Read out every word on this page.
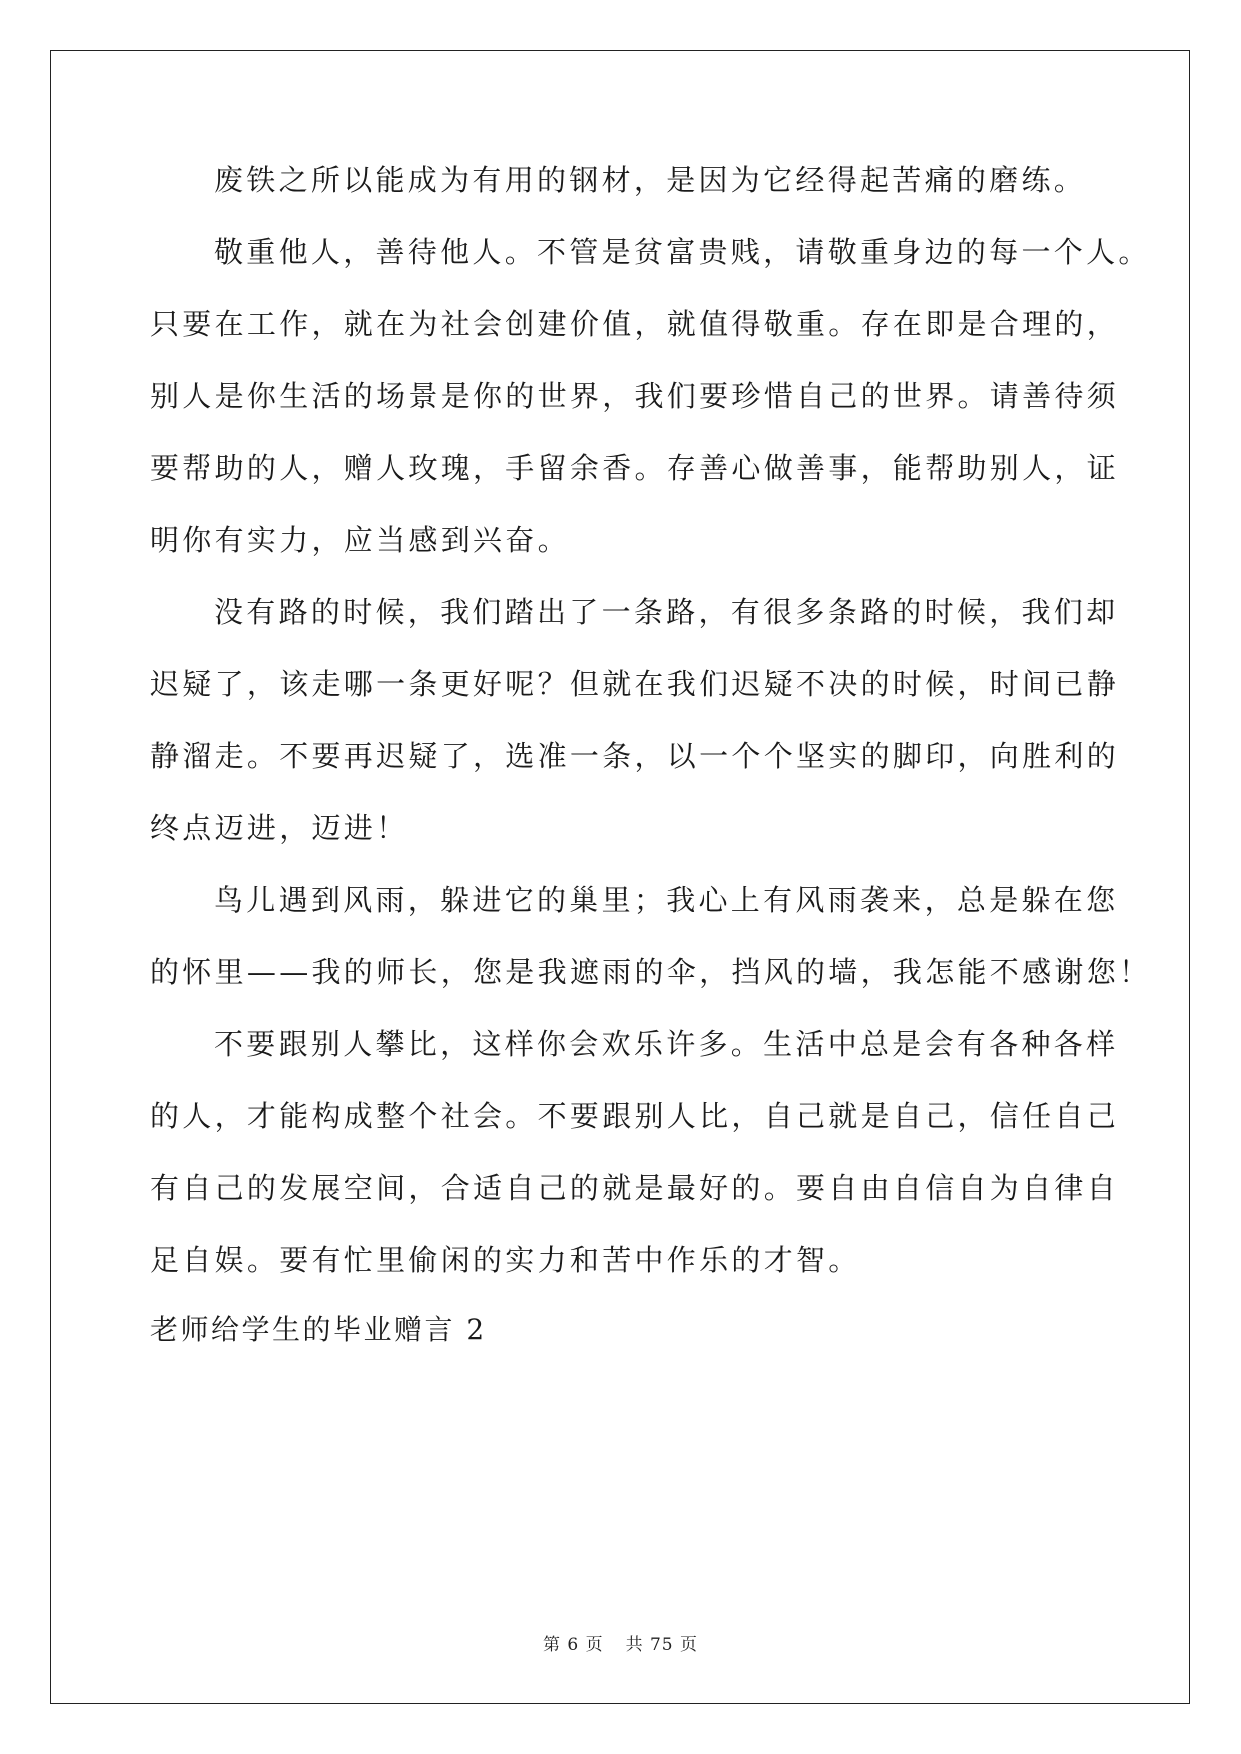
废铁之所以能成为有用的钢材，是因为它经得起苦痛的磨练。
敬重他人，善待他人。不管是贫富贵贱，请敬重身边的每一个人。
只要在工作，就在为社会创建价值，就值得敬重。存在即是合理的，
别人是你生活的场景是你的世界，我们要珍惜自己的世界。请善待须
要帮助的人，赠人玫瑰，手留余香。存善心做善事，能帮助别人，证
明你有实力，应当感到兴奋。
没有路的时候，我们踏出了一条路，有很多条路的时候，我们却
迟疑了，该走哪一条更好呢？但就在我们迟疑不决的时候，时间已静
静溜走。不要再迟疑了，选准一条，以一个个坚实的脚印，向胜利的
终点迈进，迈进！
鸟儿遇到风雨，躲进它的巢里；我心上有风雨袭来，总是躲在您
的怀里——我的师长，您是我遮雨的伞，挡风的墙，我怎能不感谢您！
不要跟别人攀比，这样你会欢乐许多。生活中总是会有各种各样
的人，才能构成整个社会。不要跟别人比，自己就是自己，信任自己
有自己的发展空间，合适自己的就是最好的。要自由自信自为自律自
足自娱。要有忙里偷闲的实力和苦中作乐的才智。
老师给学生的毕业赠言 2
第 6 页 共 75 页
